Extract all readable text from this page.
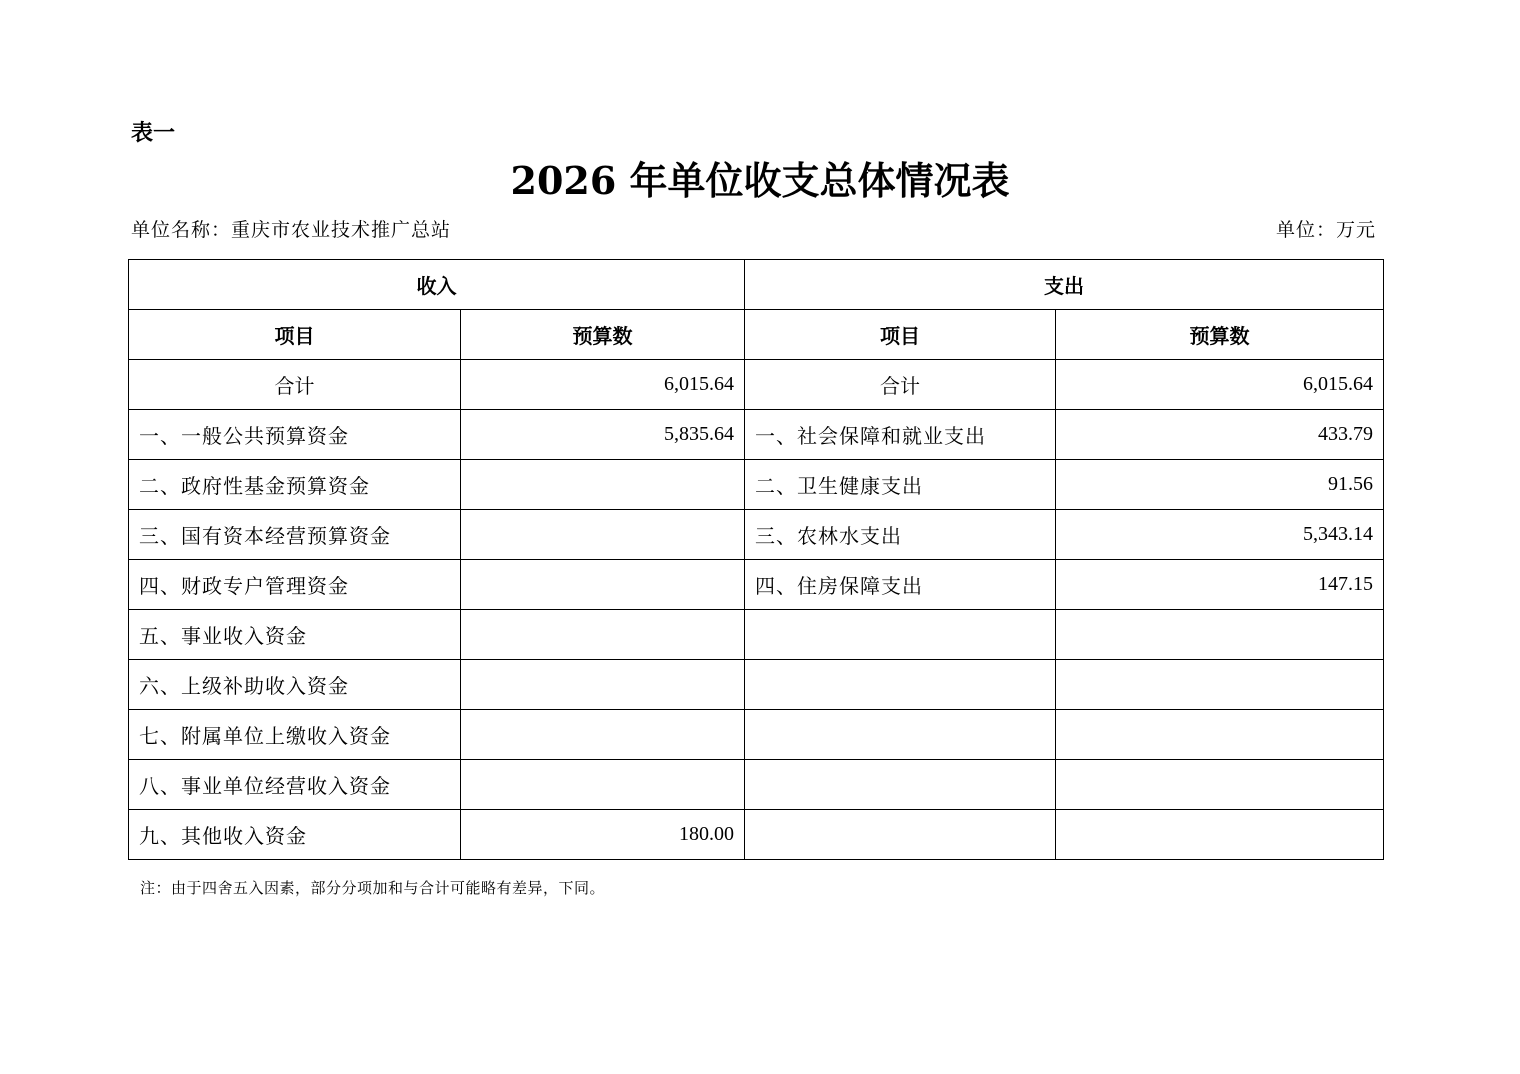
表一
2026 年单位收支总体情况表
单位名称：重庆市农业技术推广总站	单位：万元
收入		支出	
项目	预算数	项目	预算数
合计	6,015.64	合计	6,015.64
一、一般公共预算资金	5,835.64	一、社会保障和就业支出	433.79
二、政府性基金预算资金		二、卫生健康支出	91.56
三、国有资本经营预算资金		三、农林水支出	5,343.14
四、财政专户管理资金		四、住房保障支出	147.15
五、事业收入资金			
六、上级补助收入资金			
七、附属单位上缴收入资金			
八、事业单位经营收入资金			
九、其他收入资金	180.00		
注：由于四舍五入因素，部分分项加和与合计可能略有差异，下同。
